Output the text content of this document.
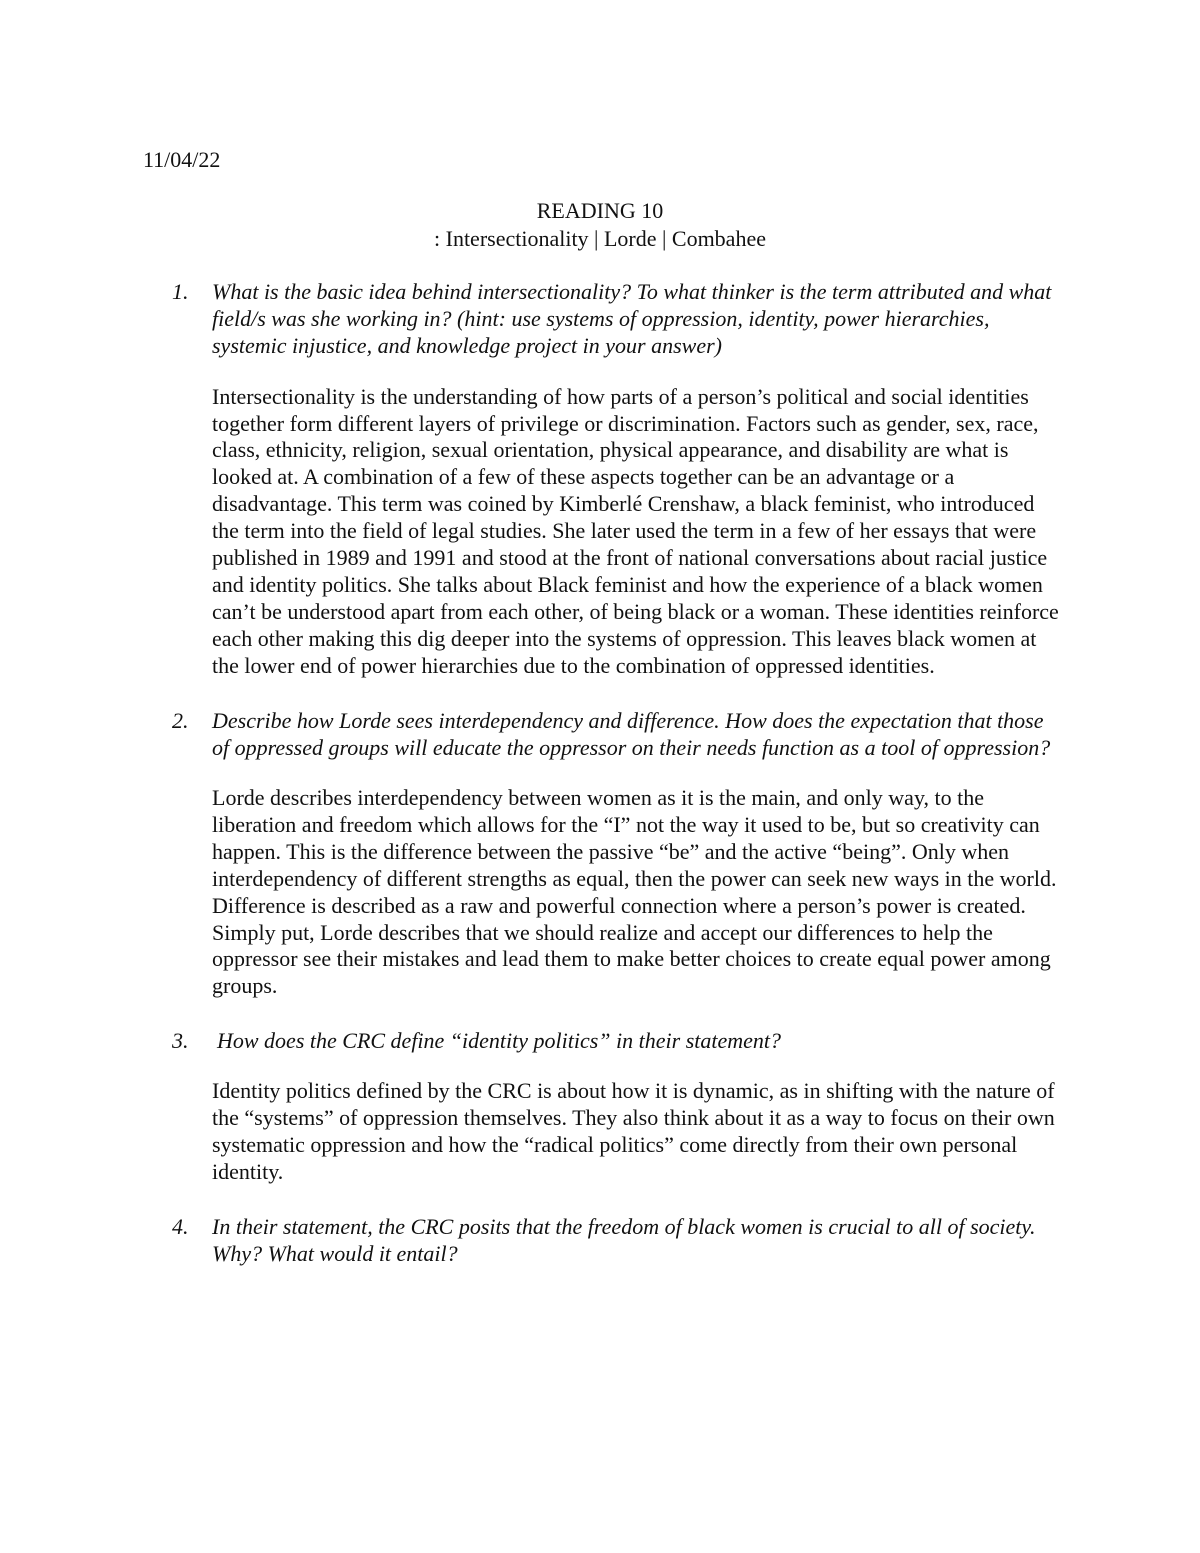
11/04/22
READING 10
: Intersectionality | Lorde | Combahee
1. What is the basic idea behind intersectionality? To what thinker is the term attributed and what field/s was she working in? (hint: use systems of oppression, identity, power hierarchies, systemic injustice, and knowledge project in your answer)

Intersectionality is the understanding of how parts of a person’s political and social identities together form different layers of privilege or discrimination. Factors such as gender, sex, race, class, ethnicity, religion, sexual orientation, physical appearance, and disability are what is looked at. A combination of a few of these aspects together can be an advantage or a disadvantage. This term was coined by Kimberlé Crenshaw, a black feminist, who introduced the term into the field of legal studies. She later used the term in a few of her essays that were published in 1989 and 1991 and stood at the front of national conversations about racial justice and identity politics. She talks about Black feminist and how the experience of a black women can’t be understood apart from each other, of being black or a woman. These identities reinforce each other making this dig deeper into the systems of oppression. This leaves black women at the lower end of power hierarchies due to the combination of oppressed identities.

2. Describe how Lorde sees interdependency and difference. How does the expectation that those of oppressed groups will educate the oppressor on their needs function as a tool of oppression?

Lorde describes interdependency between women as it is the main, and only way, to the liberation and freedom which allows for the “I” not the way it used to be, but so creativity can happen. This is the difference between the passive “be” and the active “being”. Only when interdependency of different strengths as equal, then the power can seek new ways in the world. Difference is described as a raw and powerful connection where a person’s power is created. Simply put, Lorde describes that we should realize and accept our differences to help the oppressor see their mistakes and lead them to make better choices to create equal power among groups.

3. How does the CRC define “identity politics” in their statement?

Identity politics defined by the CRC is about how it is dynamic, as in shifting with the nature of the “systems” of oppression themselves. They also think about it as a way to focus on their own systematic oppression and how the “radical politics” come directly from their own personal identity.

4. In their statement, the CRC posits that the freedom of black women is crucial to all of society. Why? What would it entail?
